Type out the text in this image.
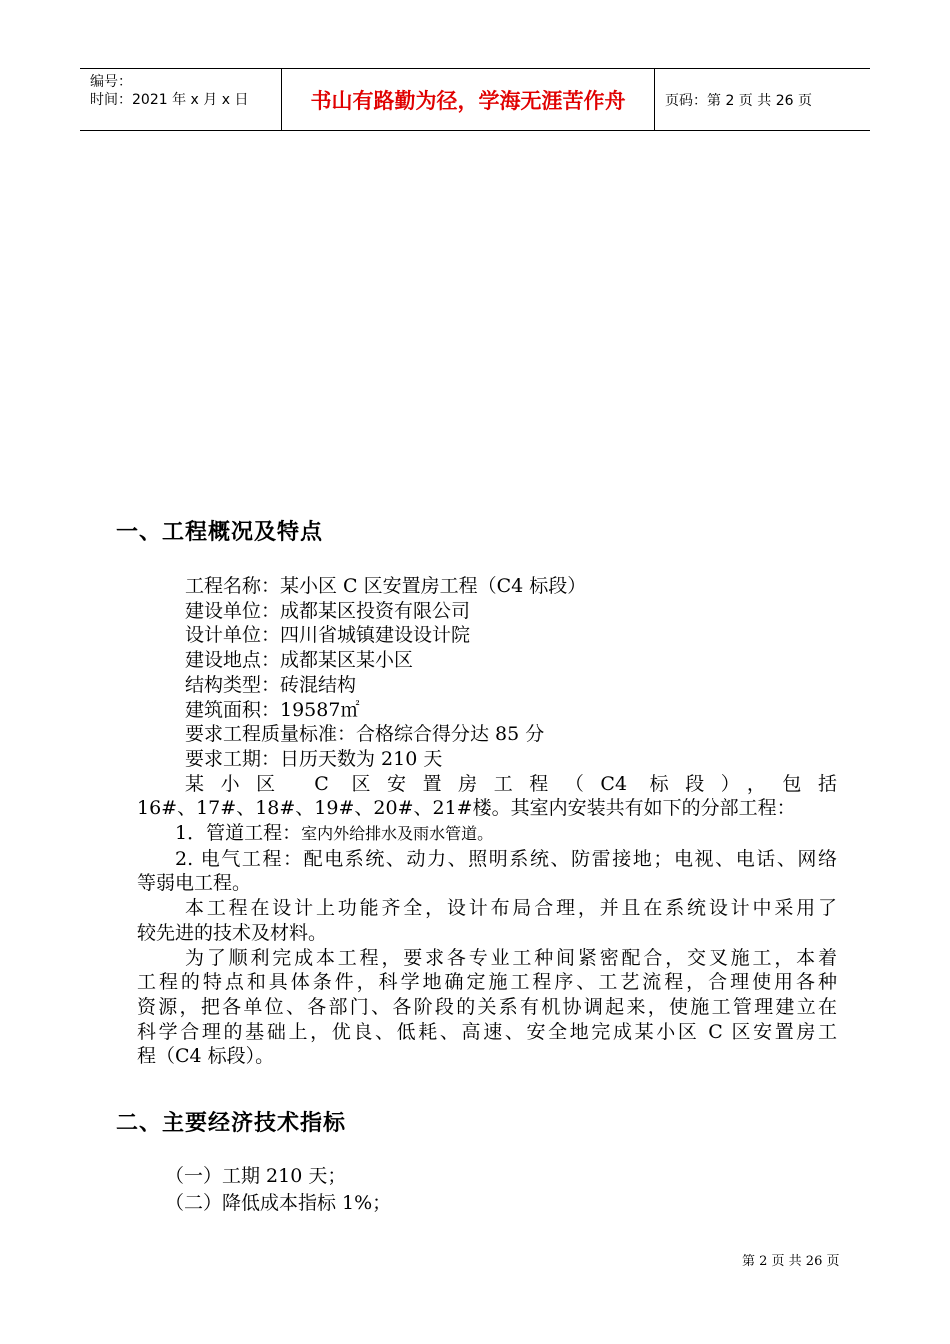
编号：
时间：2021 年 x 月 x 日	书山有路勤为径，学海无涯苦作舟	页码：第 2 页 共 26 页
一、工程概况及特点

工程名称：某小区 C 区安置房工程（C4 标段）

建设单位：成都某区投资有限公司

设计单位：四川省城镇建设设计院

建设地点：成都某区某小区

结构类型：砖混结构

建筑面积：19587㎡

要求工程质量标准：合格综合得分达 85 分

要求工期：日历天数为 210 天

某小区 C 区安置房工程（C4 标段），包括

16#、17#、18#、19#、20#、21#楼。其室内安装共有如下的分部工程：

1．管道工程：室内外给排水及雨水管道。

2. 电气工程：配电系统、动力、照明系统、防雷接地；电视、电话、网络

等弱电工程。

本工程在设计上功能齐全，设计布局合理，并且在系统设计中采用了

较先进的技术及材料。

为了顺利完成本工程，要求各专业工种间紧密配合，交叉施工，本着

工程的特点和具体条件，科学地确定施工程序、工艺流程，合理使用各种

资源，把各单位、各部门、各阶段的关系有机协调起来，使施工管理建立在

科学合理的基础上，优良、低耗、高速、安全地完成某小区 C 区安置房工

程（C4 标段）。

二、主要经济技术指标

（一）工期 210 天；

（二）降低成本指标 1%；

第 2 页 共 26 页
